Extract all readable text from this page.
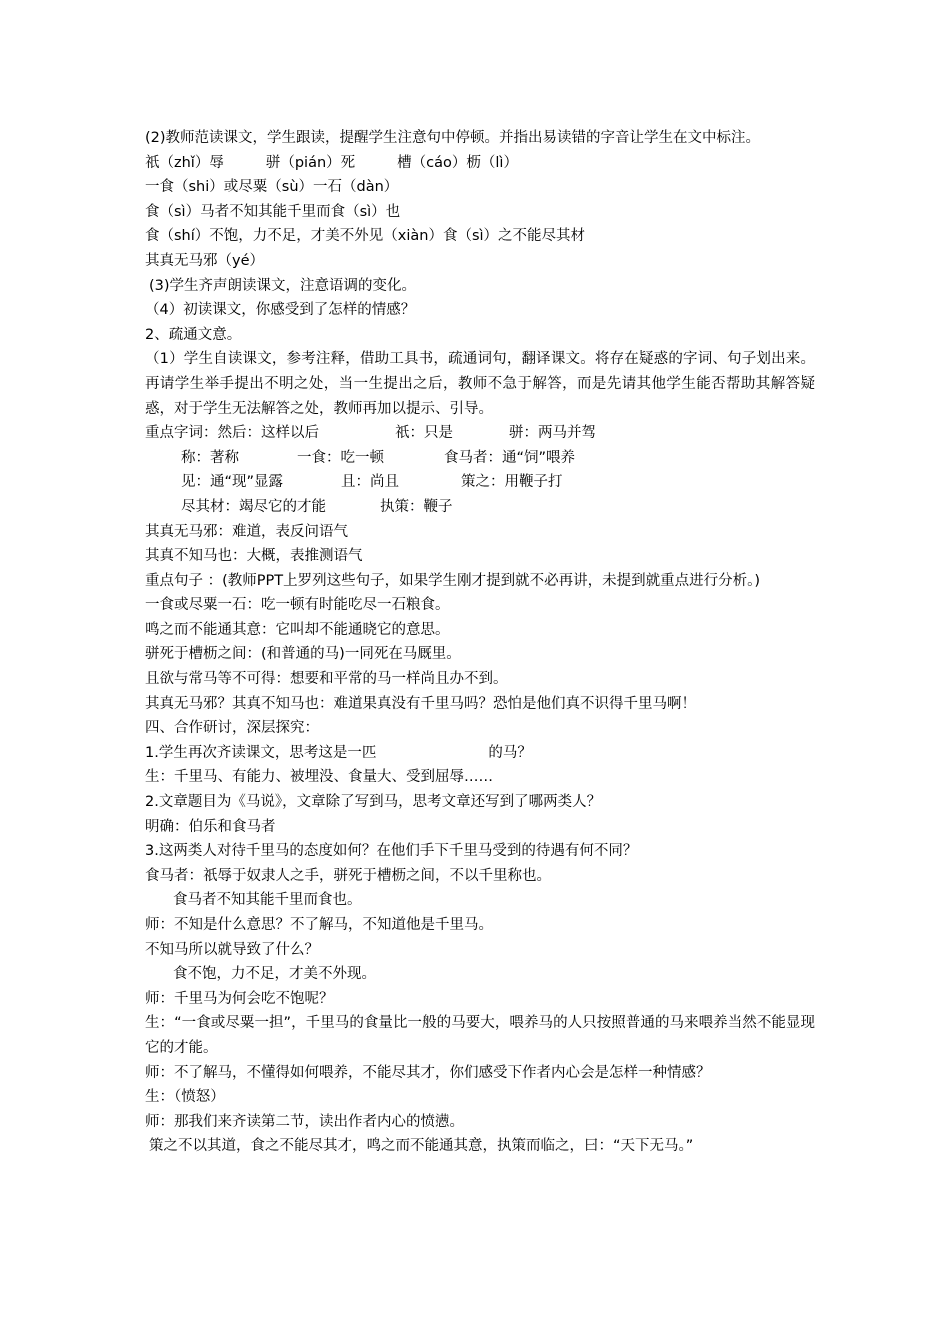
(2)教师范读课文，学生跟读，提醒学生注意句中停顿。并指出易读错的字音让学生在文中标注。
祇（zhǐ）辱	骈（pián）死	槽（cáo）枥（lì）
一食（shi）或尽粟（sù）一石（dàn）
食（sì）马者不知其能千里而食（sì）也
食（shí）不饱，力不足，才美不外见（xiàn）食（sì）之不能尽其材
其真无马邪（yé）
(3)学生齐声朗读课文，注意语调的变化。
（4）初读课文，你感受到了怎样的情感？
2、疏通文意。
（1）学生自读课文，参考注释，借助工具书，疏通词句，翻译课文。将存在疑惑的字词、句子划出来。再请学生举手提出不明之处，当一生提出之后，教师不急于解答，而是先请其他学生能否帮助其解答疑惑，对于学生无法解答之处，教师再加以提示、引导。
重点字词：然后：这样以后	祇：只是	骈：两马并驾
称：著称	一食：吃一顿	食马者：通“饲”喂养
见：通“现”显露	且：尚且	策之：用鞭子打
尽其材：竭尽它的才能	执策：鞭子
其真无马邪：难道，表反问语气
其真不知马也：大概，表推测语气
重点句子 ：(教师PPT上罗列这些句子，如果学生刚才提到就不必再讲，未提到就重点进行分析。)
一食或尽粟一石：吃一顿有时能吃尽一石粮食。
鸣之而不能通其意：它叫却不能通晓它的意思。
骈死于槽枥之间：(和普通的马)一同死在马厩里。
且欲与常马等不可得：想要和平常的马一样尚且办不到。
其真无马邪？其真不知马也：难道果真没有千里马吗？恐怕是他们真不识得千里马啊！
四、合作研讨，深层探究：
1.学生再次齐读课文，思考这是一匹	的马？
生：千里马、有能力、被埋没、食量大、受到屈辱……
2.文章题目为《马说》，文章除了写到马，思考文章还写到了哪两类人？
明确：伯乐和食马者
3.这两类人对待千里马的态度如何？在他们手下千里马受到的待遇有何不同？
食马者：祇辱于奴隶人之手，骈死于槽枥之间，不以千里称也。
食马者不知其能千里而食也。
师：不知是什么意思？不了解马，不知道他是千里马。
不知马所以就导致了什么？
食不饱，力不足，才美不外现。
师：千里马为何会吃不饱呢？
生：“一食或尽粟一担”，千里马的食量比一般的马要大，喂养马的人只按照普通的马来喂养当然不能显现它的才能。
师：不了解马，不懂得如何喂养，不能尽其才，你们感受下作者内心会是怎样一种情感？
生：（愤怒）
师：那我们来齐读第二节，读出作者内心的愤懑。
策之不以其道，食之不能尽其才，鸣之而不能通其意，执策而临之，曰：“天下无马。”
